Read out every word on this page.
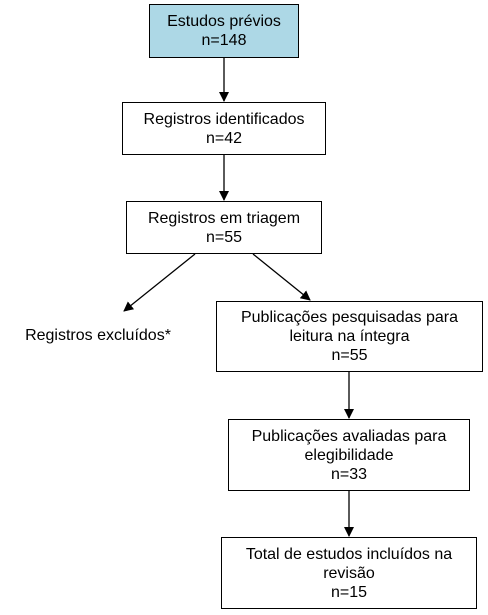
Estudos prévios
n=148
Registros identificados
n=42
Registros em triagem
n=55
Registros excluídos*
Publicações pesquisadas para
leitura na íntegra
n=55
Publicações avaliadas para
elegibilidade
n=33
Total de estudos incluídos na
revisão
n=15
